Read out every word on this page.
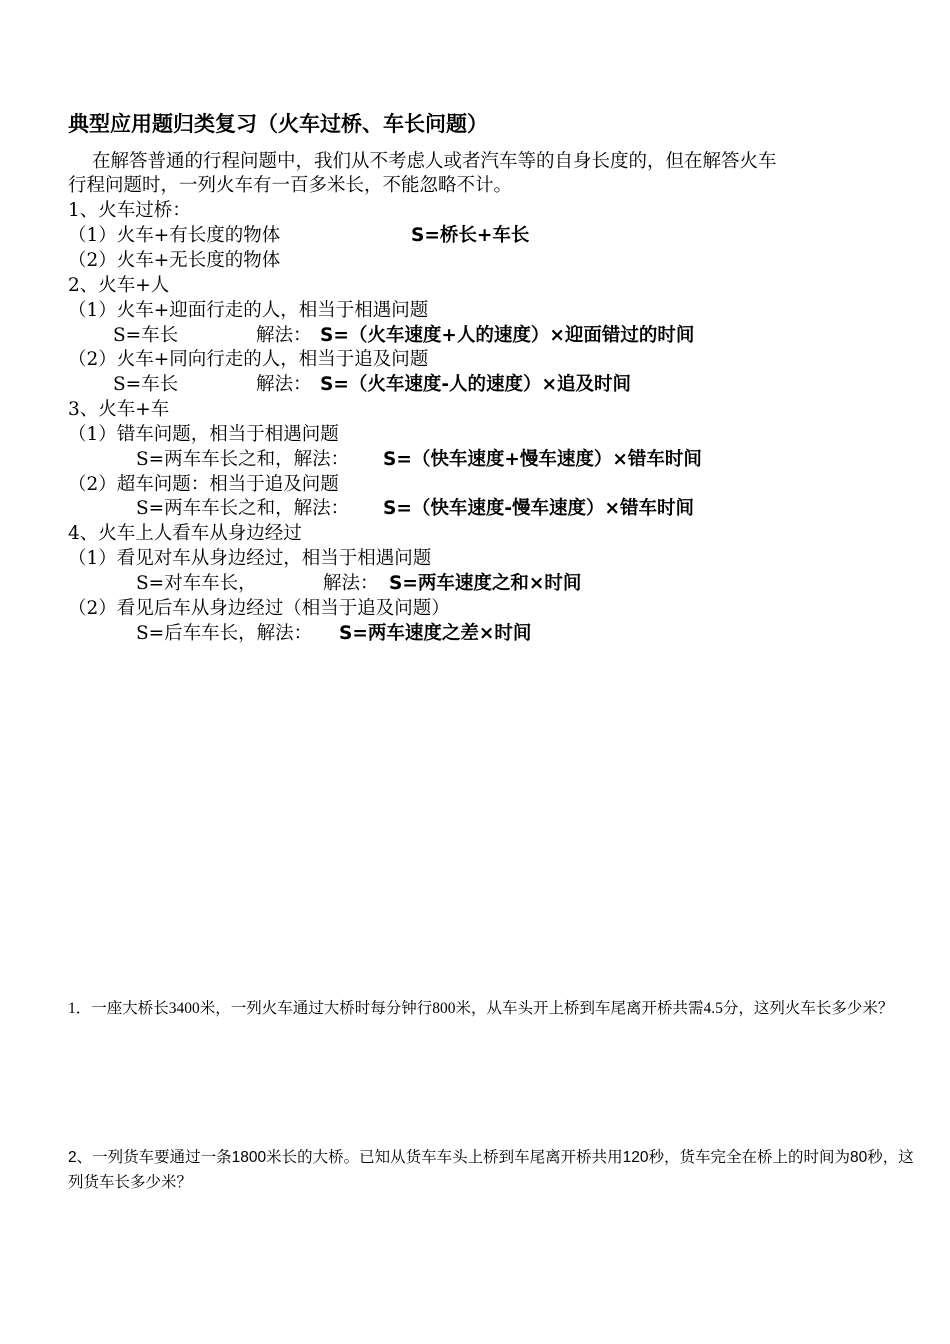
典型应用题归类复习（火车过桥、车长问题）
在解答普通的行程问题中，我们从不考虑人或者汽车等的自身长度的，但在解答火车
行程问题时，一列火车有一百多米长，不能忽略不计。
1、火车过桥：
（1）火车+有长度的物体	S=桥长+车长
（2）火车+无长度的物体
2、火车+人
（1）火车+迎面行走的人，相当于相遇问题
S=车长	解法： S=（火车速度+人的速度）×迎面错过的时间
（2）火车+同向行走的人，相当于追及问题
S=车长	解法： S=（火车速度-人的速度）×追及时间
3、火车+车
（1）错车问题，相当于相遇问题
S=两车车长之和，解法： S=（快车速度+慢车速度）×错车时间
（2）超车问题：相当于追及问题
S=两车车长之和，解法： S=（快车速度-慢车速度）×错车时间
4、火车上人看车从身边经过
（1）看见对车从身边经过，相当于相遇问题
S=对车车长，	解法： S=两车速度之和×时间
（2）看见后车从身边经过（相当于追及问题）
S=后车车长，解法： S=两车速度之差×时间
1．一座大桥长3400米，一列火车通过大桥时每分钟行800米，从车头开上桥到车尾离开桥共需4.5分，这列火车长多少米？
2、一列货车要通过一条1800米长的大桥。已知从货车车头上桥到车尾离开桥共用120秒，货车完全在桥上的时间为80秒，这列货车长多少米？
